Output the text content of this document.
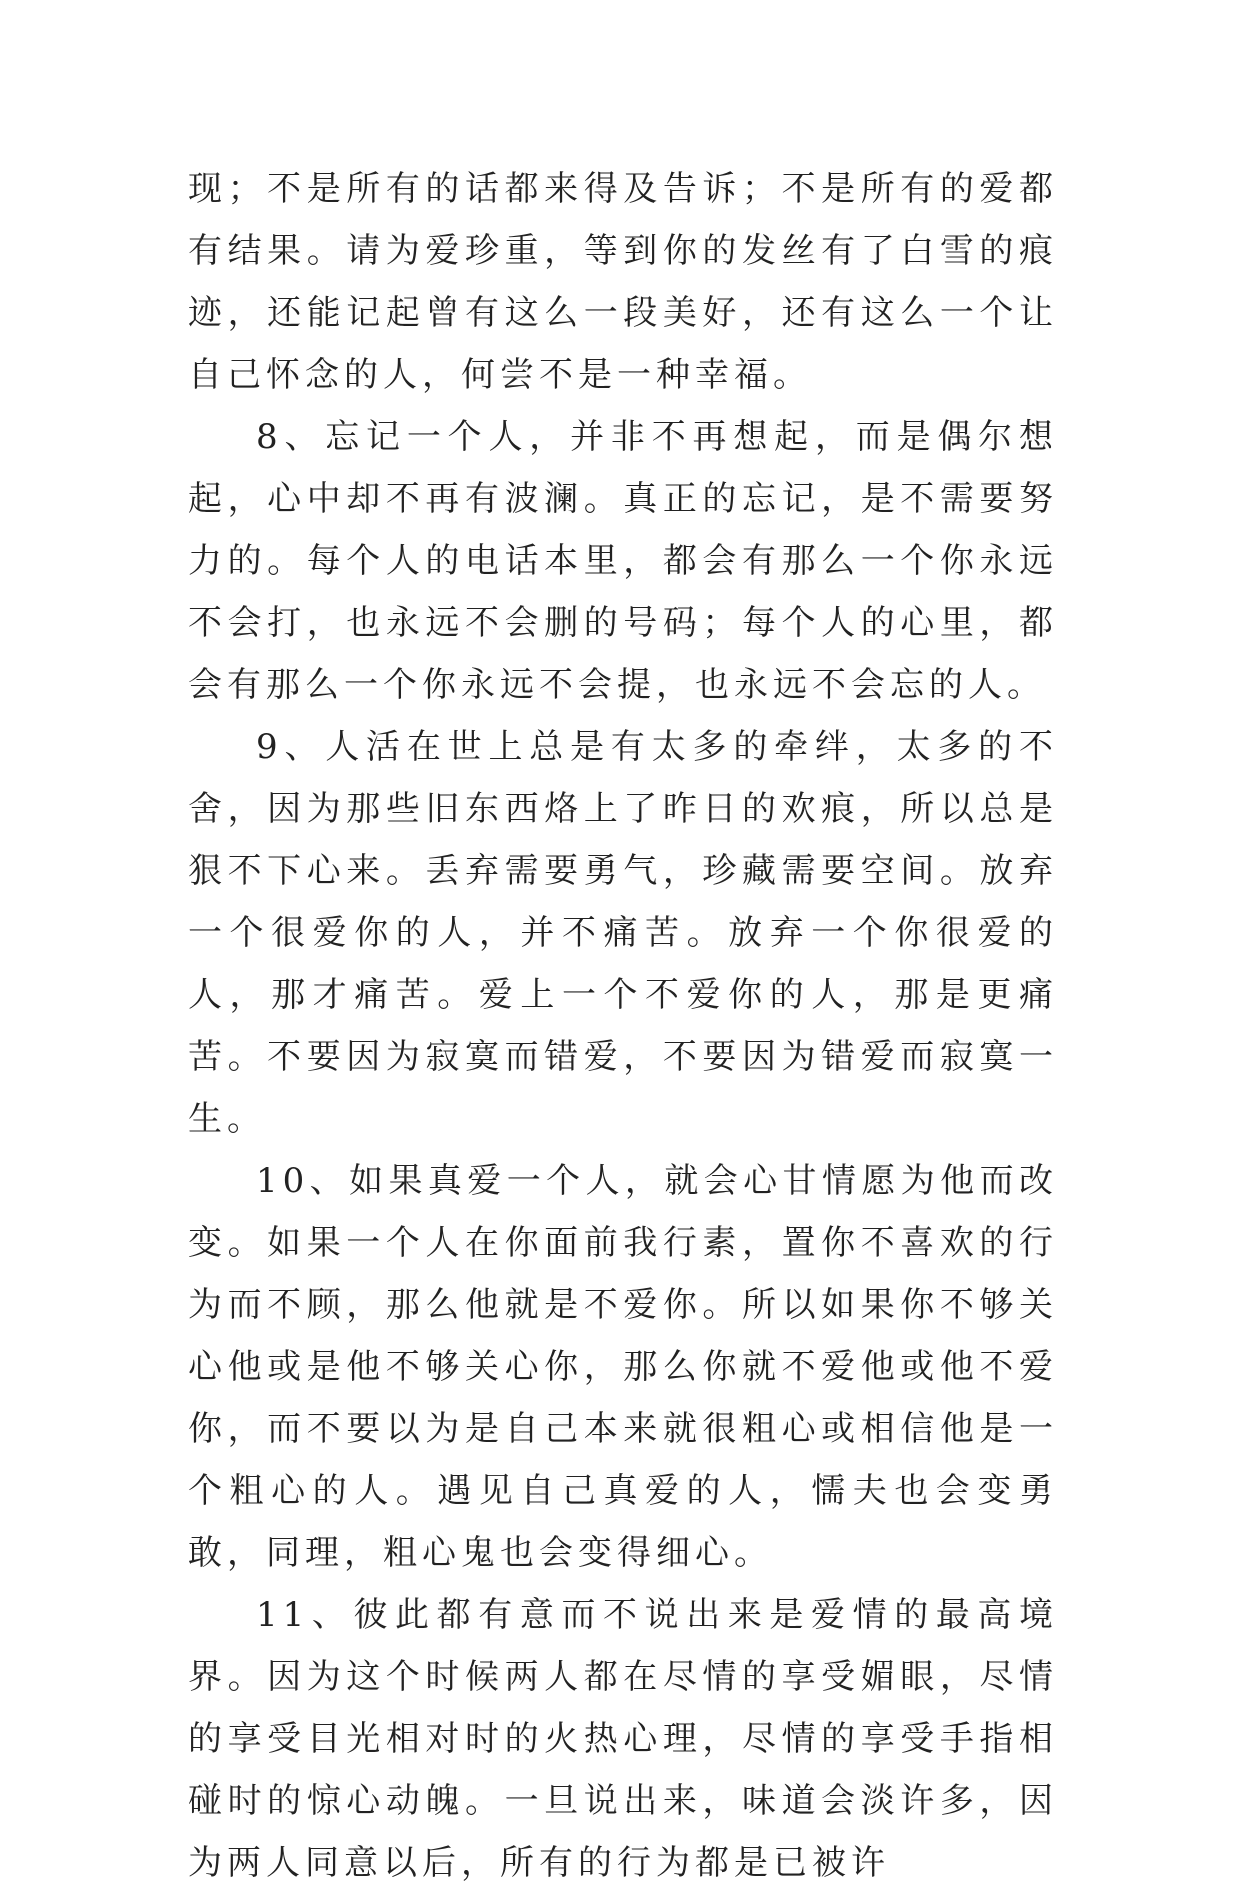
现；不是所有的话都来得及告诉；不是所有的爱都有结果。请为爱珍重，等到你的发丝有了白雪的痕迹，还能记起曾有这么一段美好，还有这么一个让自己怀念的人，何尝不是一种幸福。

8、忘记一个人，并非不再想起，而是偶尔想起，心中却不再有波澜。真正的忘记，是不需要努力的。每个人的电话本里，都会有那么一个你永远不会打，也永远不会删的号码；每个人的心里，都会有那么一个你永远不会提，也永远不会忘的人。

9、人活在世上总是有太多的牵绊，太多的不舍，因为那些旧东西烙上了昨日的欢痕，所以总是狠不下心来。丢弃需要勇气，珍藏需要空间。放弃一个很爱你的人，并不痛苦。放弃一个你很爱的人，那才痛苦。爱上一个不爱你的人，那是更痛苦。不要因为寂寞而错爱，不要因为错爱而寂寞一生。

10、如果真爱一个人，就会心甘情愿为他而改变。如果一个人在你面前我行素，置你不喜欢的行为而不顾，那么他就是不爱你。所以如果你不够关心他或是他不够关心你，那么你就不爱他或他不爱你，而不要以为是自己本来就很粗心或相信他是一个粗心的人。遇见自己真爱的人，懦夫也会变勇敢，同理，粗心鬼也会变得细心。

11、彼此都有意而不说出来是爱情的最高境界。因为这个时候两人都在尽情的享受媚眼，尽情的享受目光相对时的火热心理，尽情的享受手指相碰时的惊心动魄。一旦说出来，味道会淡许多，因为两人同意以后，所有的行为都是已被许
